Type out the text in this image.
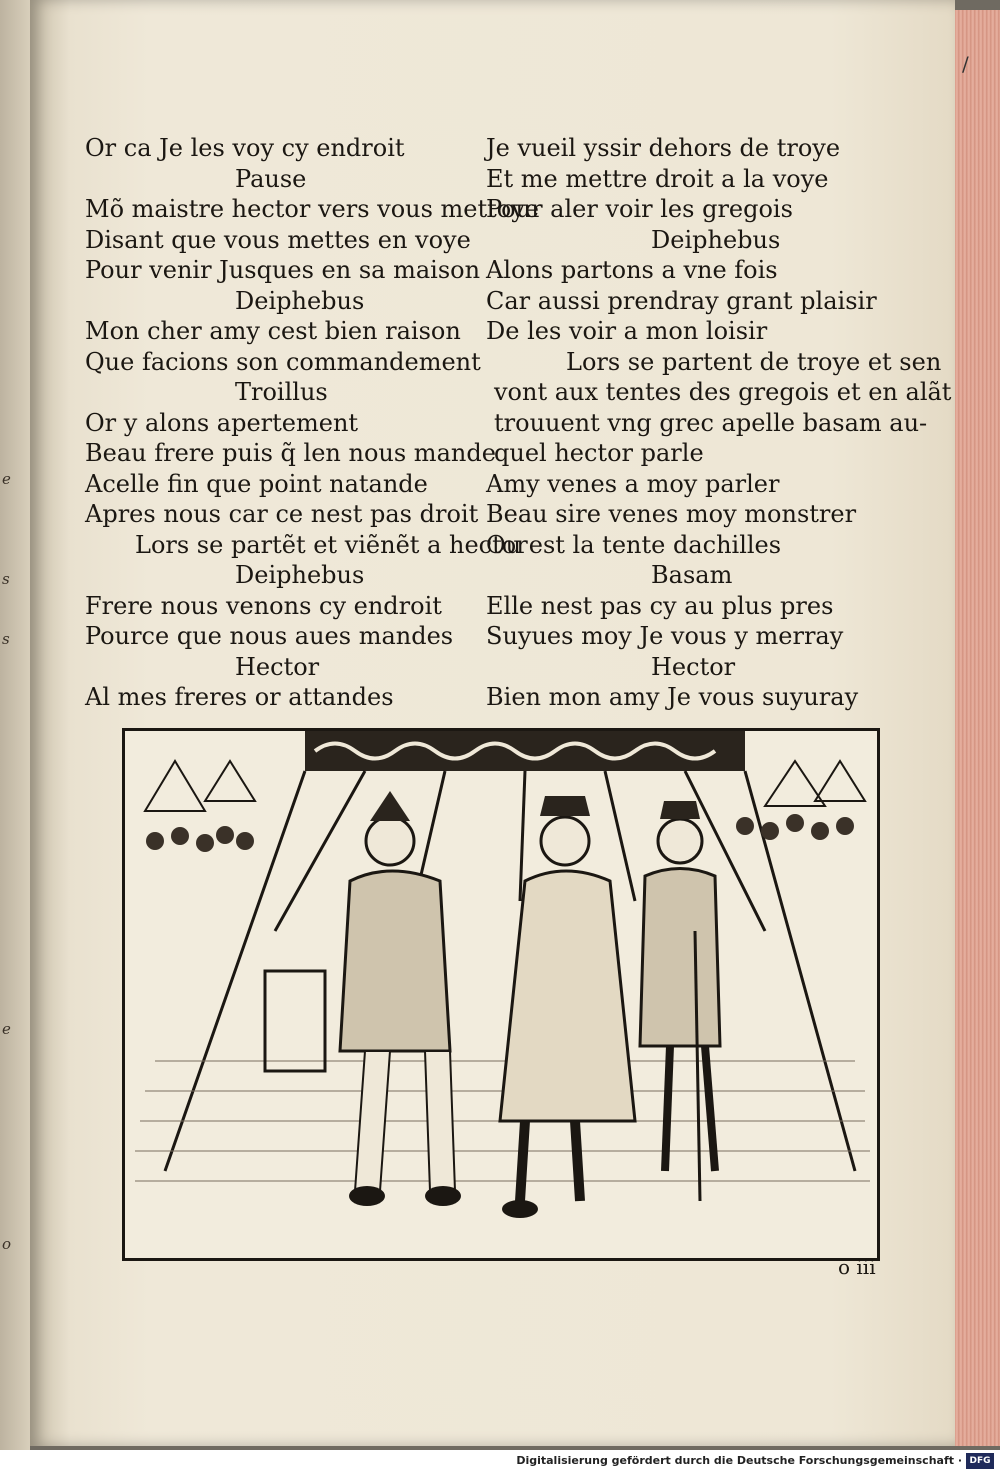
e
s
s
e
o
/
Or ca Je les voy cy endroit
Pause
Mõ maistre hector vers vous mettoye
Disant que vous mettes en voye
Pour venir Jusques en sa maison
Deiphebus
Mon cher amy cest bien raison
Que facions son commandement
Troillus
Or y alons apertement
Beau frere puis q̃ len nous mande
Acelle fin que point natande
Apres nous car ce nest pas droit
Lors se partẽt et viẽnẽt a hector
Deiphebus
Frere nous venons cy endroit
Pource que nous aues mandes
Hector
Al mes freres or attandes
Je vueil yssir dehors de troye
Et me mettre droit a la voye
Pour aler voir les gregois
Deiphebus
Alons partons a vne fois
Car aussi prendray grant plaisir
De les voir a mon loisir
Lors se partent de troye et sen
vont aux tentes des gregois et en alãt
trouuent vng grec apelle basam au-
quel hector parle
Amy venes a moy parler
Beau sire venes moy monstrer
Ou est la tente dachilles
Basam
Elle nest pas cy au plus pres
Suyues moy Je vous y merray
Hector
Bien mon amy Je vous suyuray
o iii
Digitalisierung gefördert durch die Deutsche Forschungsgemeinschaft · DFG
